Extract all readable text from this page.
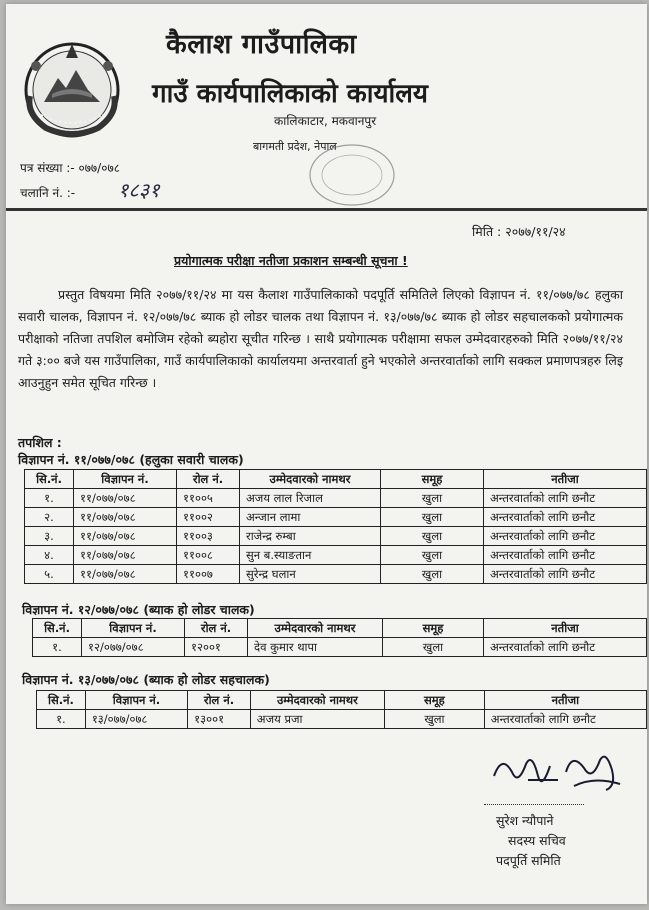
कैलाश गाउँपालिका
गाउँ कार्यपालिकाको कार्यालय
कालिकाटार, मकवानपुर
बागमती प्रदेश, नेपाल
पत्र संख्या :- ०७७/०७८
चलानि नं. :- १८३१
मिति : २०७७/११/२४
प्रयोगात्मक परीक्षा नतीजा प्रकाशन सम्बन्धी सूचना !
प्रस्तुत विषयमा मिति २०७७/११/२४ मा यस कैलाश गाउँपालिकाको पदपूर्ति समितिले लिएको विज्ञापन नं. ११/०७७/७८ हलुका सवारी चालक, विज्ञापन नं. १२/०७७/७८ ब्याक हो लोडर चालक तथा विज्ञापन नं. १३/०७७/७८ ब्याक हो लोडर सहचालकको प्रयोगात्मक परीक्षाको नतिजा तपशिल बमोजिम रहेको ब्यहोरा सूचीत गरिन्छ । साथै प्रयोगात्मक परीक्षामा सफल उम्मेदवारहरुको मिति २०७७/११/२४ गते ३:०० बजे यस गाउँपालिका, गाउँ कार्यपालिकाको कार्यालयमा अन्तरवार्ता हुने भएकोले अन्तरवार्ताको लागि सक्कल प्रमाणपत्रहरु लिइ आउनुहुन समेत सूचित गरिन्छ ।
तपशिल :
विज्ञापन नं. ११/०७७/०७८ (हलुका सवारी चालक)
सि.नं.	विज्ञापन नं.	रोल नं.	उम्मेदवारको नामथर	समूह	नतीजा
१.	११/०७७/०७८	११००५	अजय लाल रिजाल	खुला	अन्तरवार्ताको लागि छनौट
२.	११/०७७/०७८	११००२	अन्जान लामा	खुला	अन्तरवार्ताको लागि छनौट
३.	११/०७७/०७८	११००३	राजेन्द्र रुम्बा	खुला	अन्तरवार्ताको लागि छनौट
४.	११/०७७/०७८	११००८	सुन ब.स्याङतान	खुला	अन्तरवार्ताको लागि छनौट
५.	११/०७७/०७८	११००७	सुरेन्द्र घलान	खुला	अन्तरवार्ताको लागि छनौट
विज्ञापन नं. १२/०७७/०७८ (ब्याक हो लोडर चालक)
सि.नं.	विज्ञापन नं.	रोल नं.	उम्मेदवारको नामथर	समूह	नतीजा
१.	१२/०७७/०७८	१२००१	देव कुमार थापा	खुला	अन्तरवार्ताको लागि छनौट
विज्ञापन नं. १३/०७७/०७८ (ब्याक हो लोडर सहचालक)
सि.नं.	विज्ञापन नं.	रोल नं.	उम्मेदवारको नामथर	समूह	नतीजा
१.	१३/०७७/०७८	१३००१	अजय प्रजा	खुला	अन्तरवार्ताको लागि छनौट
सुरेश न्यौपाने
सदस्य सचिव
पदपूर्ति समिति
